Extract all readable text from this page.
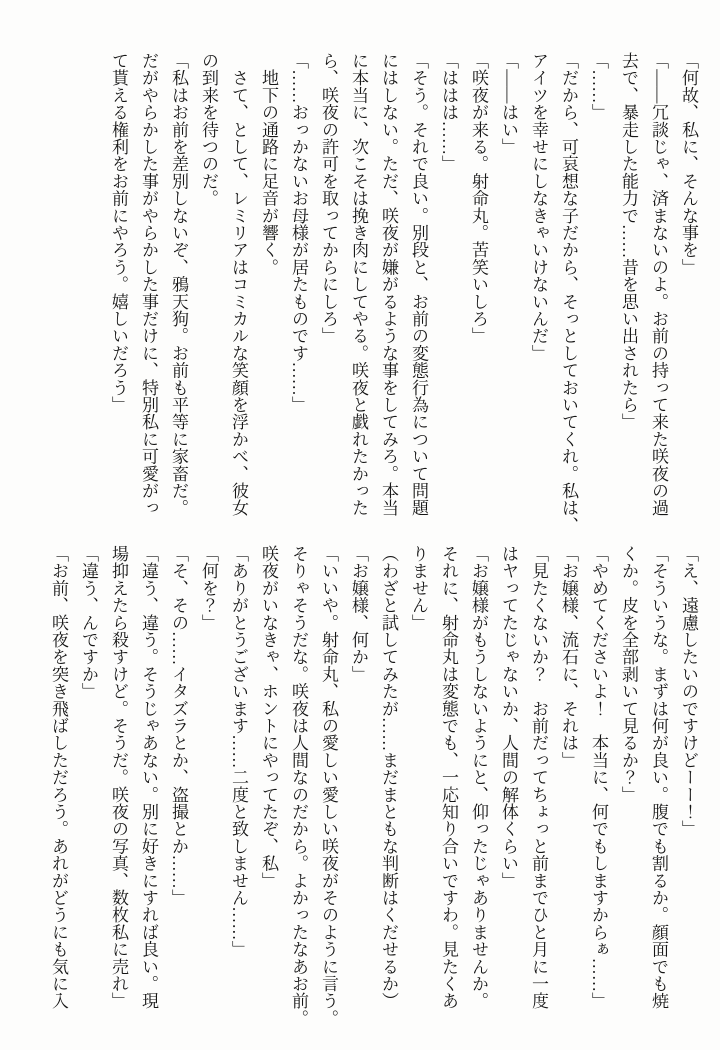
「何故、私に、そんな事を」

「――冗談じゃ、済まないのよ。お前の持って来た咲夜の過

去で、暴走した能力で……昔を思い出されたら」

「……」

「だから、可哀想な子だから、そっとしておいてくれ。私は、

アイツを幸せにしなきゃいけないんだ」

「――はい」

「咲夜が来る。射命丸。苦笑いしろ」

「ははは……」

「そう。それで良い。別段と、お前の変態行為について問題

にはしない。ただ、咲夜が嫌がるような事をしてみろ。本当

に本当に、次こそは挽き肉にしてやる。咲夜と戯れたかった

ら、咲夜の許可を取ってからにしろ」

「……おっかないお母様が居たものです……」

　地下の通路に足音が響く。

　さて、として、レミリアはコミカルな笑顔を浮かべ、彼女

の到来を待つのだ。

「私はお前を差別しないぞ、鴉天狗。お前も平等に家畜だ。

だがやらかした事がやらかした事だけに、特別私に可愛がっ

て貰える権利をお前にやろう。嬉しいだろう」

「え、遠慮したいのですけどーー！」

「そういうな。まずは何が良い。腹でも割るか。顔面でも焼

くか。皮を全部剥いて見るか？」

「やめてくださいよ！　本当に、何でもしますからぁ……」

「お嬢様、流石に、それは」

「見たくないか？　お前だってちょっと前までひと月に一度

はヤってたじゃないか、人間の解体くらい」

「お嬢様がもうしないようにと、仰ったじゃありませんか。

それに、射命丸は変態でも、一応知り合いですわ。見たくあ

りません」

（わざと試してみたが……まだまともな判断はくだせるか）

「お嬢様、何か」

「いいや。射命丸、私の愛しい愛しい咲夜がそのように言う。

そりゃそうだな。咲夜は人間なのだから。よかったなあお前。

咲夜がいなきゃ、ホントにやってたぞ、私」

「ありがとうございます……二度と致しません……」

「何を？」

「そ、その……イタズラとか、盗撮とか……」

「違う、違う。そうじゃあない。別に好きにすれば良い。現

場抑えたら殺すけど。そうだ。咲夜の写真、数枚私に売れ」

「違う、んですか」

「お前、咲夜を突き飛ばしただろう。あれがどうにも気に入
